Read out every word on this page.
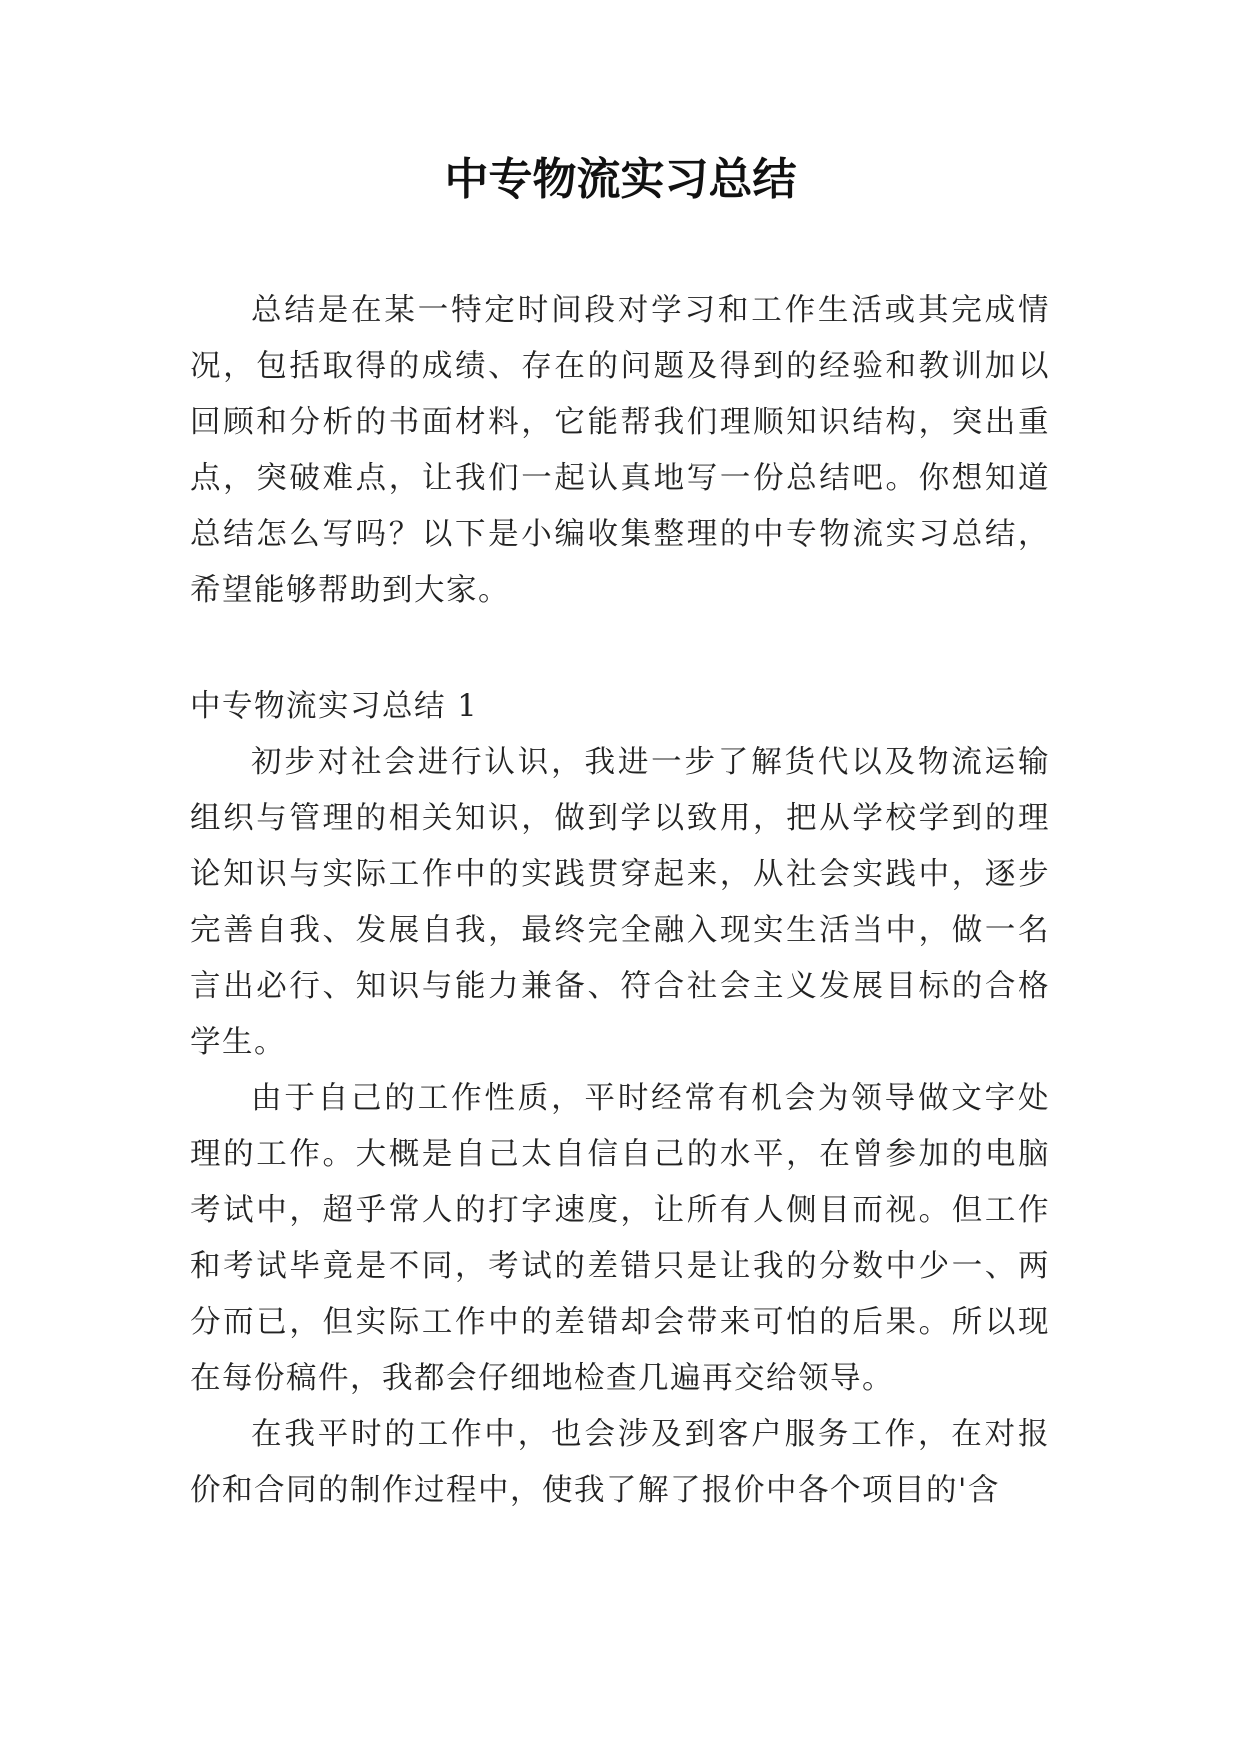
中专物流实习总结

总结是在某一特定时间段对学习和工作生活或其完成情况，包括取得的成绩、存在的问题及得到的经验和教训加以回顾和分析的书面材料，它能帮我们理顺知识结构，突出重点，突破难点，让我们一起认真地写一份总结吧。你想知道总结怎么写吗？以下是小编收集整理的中专物流实习总结，希望能够帮助到大家。

中专物流实习总结 1

初步对社会进行认识，我进一步了解货代以及物流运输组织与管理的相关知识，做到学以致用，把从学校学到的理论知识与实际工作中的实践贯穿起来，从社会实践中，逐步完善自我、发展自我，最终完全融入现实生活当中，做一名言出必行、知识与能力兼备、符合社会主义发展目标的合格学生。

由于自己的工作性质，平时经常有机会为领导做文字处理的工作。大概是自己太自信自己的水平，在曾参加的电脑考试中，超乎常人的打字速度，让所有人侧目而视。但工作和考试毕竟是不同，考试的差错只是让我的分数中少一、两分而已，但实际工作中的差错却会带来可怕的后果。所以现在每份稿件，我都会仔细地检查几遍再交给领导。

在我平时的工作中，也会涉及到客户服务工作，在对报价和合同的制作过程中，使我了解了报价中各个项目的'含
